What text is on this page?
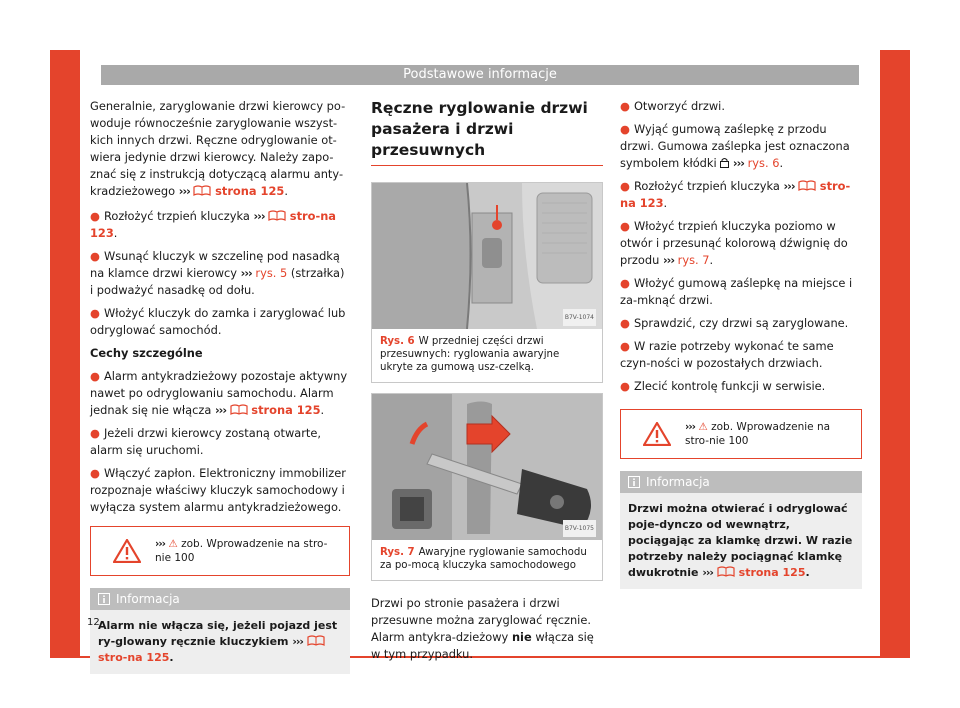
Podstawowe informacje

Generalnie, zaryglowanie drzwi kierowcy po-woduje równocześnie zaryglowanie wszyst-kich innych drzwi. Ręczne odryglowanie ot-wiera jedynie drzwi kierowcy. Należy zapo-znać się z instrukcją dotyczącą alarmu anty-kradzieżowego ››› strona 125.

● Rozłożyć trzpień kluczyka ››› stro-na 123.
● Wsunąć kluczyk w szczelinę pod nasadką na klamce drzwi kierowcy ››› rys. 5 (strzałka) i podważyć nasadkę od dołu.
● Włożyć kluczyk do zamka i zaryglować lub odryglować samochód.
Cechy szczególne
● Alarm antykradzieżowy pozostaje aktywny nawet po odryglowaniu samochodu. Alarm jednak się nie włącza ››› strona 125.
● Jeżeli drzwi kierowcy zostaną otwarte, alarm się uruchomi.
● Włączyć zapłon. Elektroniczny immobilizer rozpoznaje właściwy kluczyk samochodowy i wyłącza system alarmu antykradzieżowego.
››› ⚠ zob. Wprowadzenie na stro-nie 100
Informacja
Alarm nie włącza się, jeżeli pojazd jest ry-glowany ręcznie kluczykiem ›››  stro-na 125.
12
Ręczne ryglowanie drzwi pasażera i drzwi przesuwnych
B7V-1074
Rys. 6 W przedniej części drzwi przesuwnych: ryglowania awaryjne ukryte za gumową usz-czelką.
B7V-1075
Rys. 7 Awaryjne ryglowanie samochodu za po-mocą kluczyka samochodowego

Drzwi po stronie pasażera i drzwi przesuwne można zaryglować ręcznie. Alarm antykra-dzieżowy nie włącza się w tym przypadku.

● Otworzyć drzwi.
● Wyjąć gumową zaślepkę z przodu drzwi. Gumowa zaślepka jest oznaczona symbolem kłódki ››› rys. 6.
● Rozłożyć trzpień kluczyka ››› stro-na 123.
● Włożyć trzpień kluczyka poziomo w otwór i przesunąć kolorową dźwignię do przodu ››› rys. 7.
● Włożyć gumową zaślepkę na miejsce i za-mknąć drzwi.
● Sprawdzić, czy drzwi są zaryglowane.
● W razie potrzeby wykonać te same czyn-ności w pozostałych drzwiach.
● Zlecić kontrolę funkcji w serwisie.
››› ⚠ zob. Wprowadzenie na stro-nie 100
Informacja
Drzwi można otwierać i odryglować poje-dynczo od wewnątrz, pociągając za klamkę drzwi. W razie potrzeby należy pociągnąć klamkę dwukrotnie ››› strona 125.
